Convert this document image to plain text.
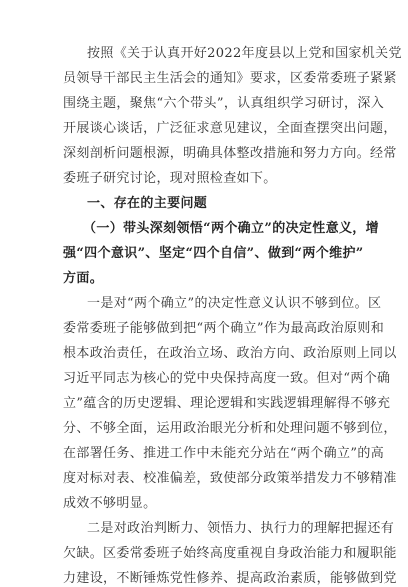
按照《关于认真开好2022年度县以上党和国家机关党
员领导干部民主生活会的通知》要求，区委常委班子紧紧
围绕主题，聚焦“六个带头”，认真组织学习研讨，深入
开展谈心谈话，广泛征求意见建议，全面查摆突出问题，
深刻剖析问题根源，明确具体整改措施和努力方向。经常
委班子研究讨论，现对照检查如下。
一、存在的主要问题
（一）带头深刻领悟“两个确立”的决定性意义，增
强“四个意识”、坚定“四个自信”、做到“两个维护”
方面。
一是对“两个确立”的决定性意义认识不够到位。区
委常委班子能够做到把“两个确立”作为最高政治原则和
根本政治责任，在政治立场、政治方向、政治原则上同以
习近平同志为核心的党中央保持高度一致。但对“两个确
立”蕴含的历史逻辑、理论逻辑和实践逻辑理解得不够充
分、不够全面，运用政治眼光分析和处理问题不够到位，
在部署任务、推进工作中未能充分站在“两个确立”的高
度对标对表、校准偏差，致使部分政策举措发力不够精准
成效不够明显。
二是对政治判断力、领悟力、执行力的理解把握还有
欠缺。区委常委班子始终高度重视自身政治能力和履职能
力建设，不断锤炼党性修养、提高政治素质，能够做到党
